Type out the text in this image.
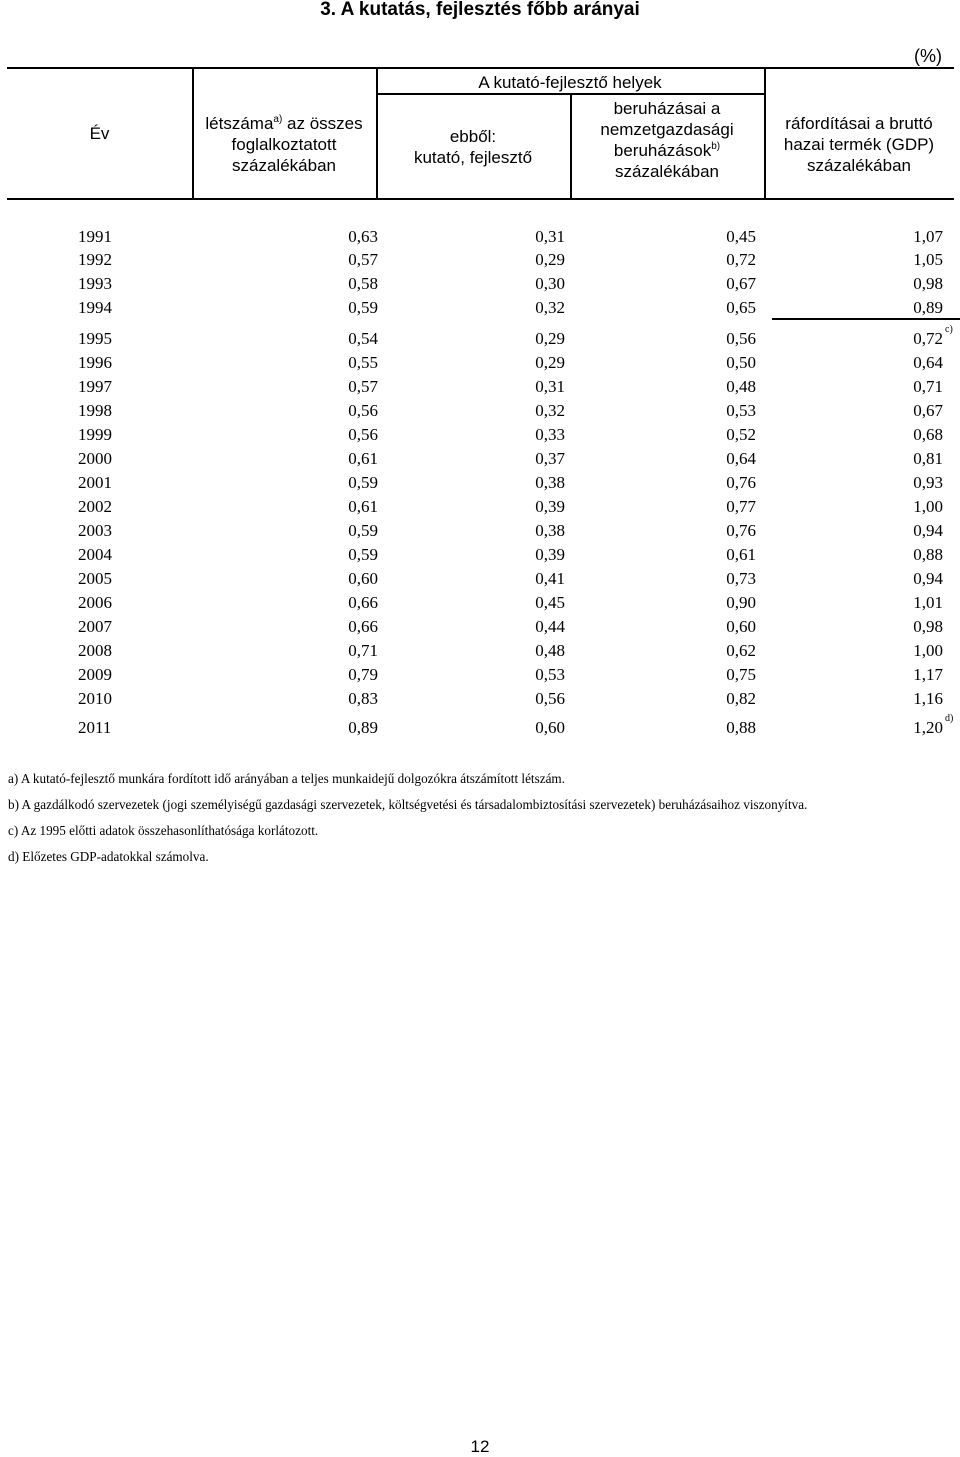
3. A kutatás, fejlesztés főbb arányai
(%)
Év
A kutató-fejlesztő helyek
létszáma$^{a)}$ az összes
foglalkoztatott
százalékában
ebből:
kutató, fejlesztő
beruházásai a
nemzetgazdasági
beruházások$^{b)}$
százalékában
ráfordításai a bruttó
hazai termék (GDP)
százalékában
1991	0,63	0,31	0,45	1,07
1992	0,57	0,29	0,72	1,05
1993	0,58	0,30	0,67	0,98
1994	0,59	0,32	0,65	0,89
1995	0,54	0,29	0,56	0,72 c)
1996	0,55	0,29	0,50	0,64
1997	0,57	0,31	0,48	0,71
1998	0,56	0,32	0,53	0,67
1999	0,56	0,33	0,52	0,68
2000	0,61	0,37	0,64	0,81
2001	0,59	0,38	0,76	0,93
2002	0,61	0,39	0,77	1,00
2003	0,59	0,38	0,76	0,94
2004	0,59	0,39	0,61	0,88
2005	0,60	0,41	0,73	0,94
2006	0,66	0,45	0,90	1,01
2007	0,66	0,44	0,60	0,98
2008	0,71	0,48	0,62	1,00
2009	0,79	0,53	0,75	1,17
2010	0,83	0,56	0,82	1,16
2011	0,89	0,60	0,88	1,20 d)
a) A kutató-fejlesztő munkára fordított idő arányában a teljes munkaidejű dolgozókra átszámított létszám.
b) A gazdálkodó szervezetek (jogi személyiségű gazdasági szervezetek, költségvetési és társadalombiztosítási szervezetek) beruházásaihoz viszonyítva.
c) Az 1995 előtti adatok összehasonlíthatósága korlátozott.
d) Előzetes GDP-adatokkal számolva.
12
